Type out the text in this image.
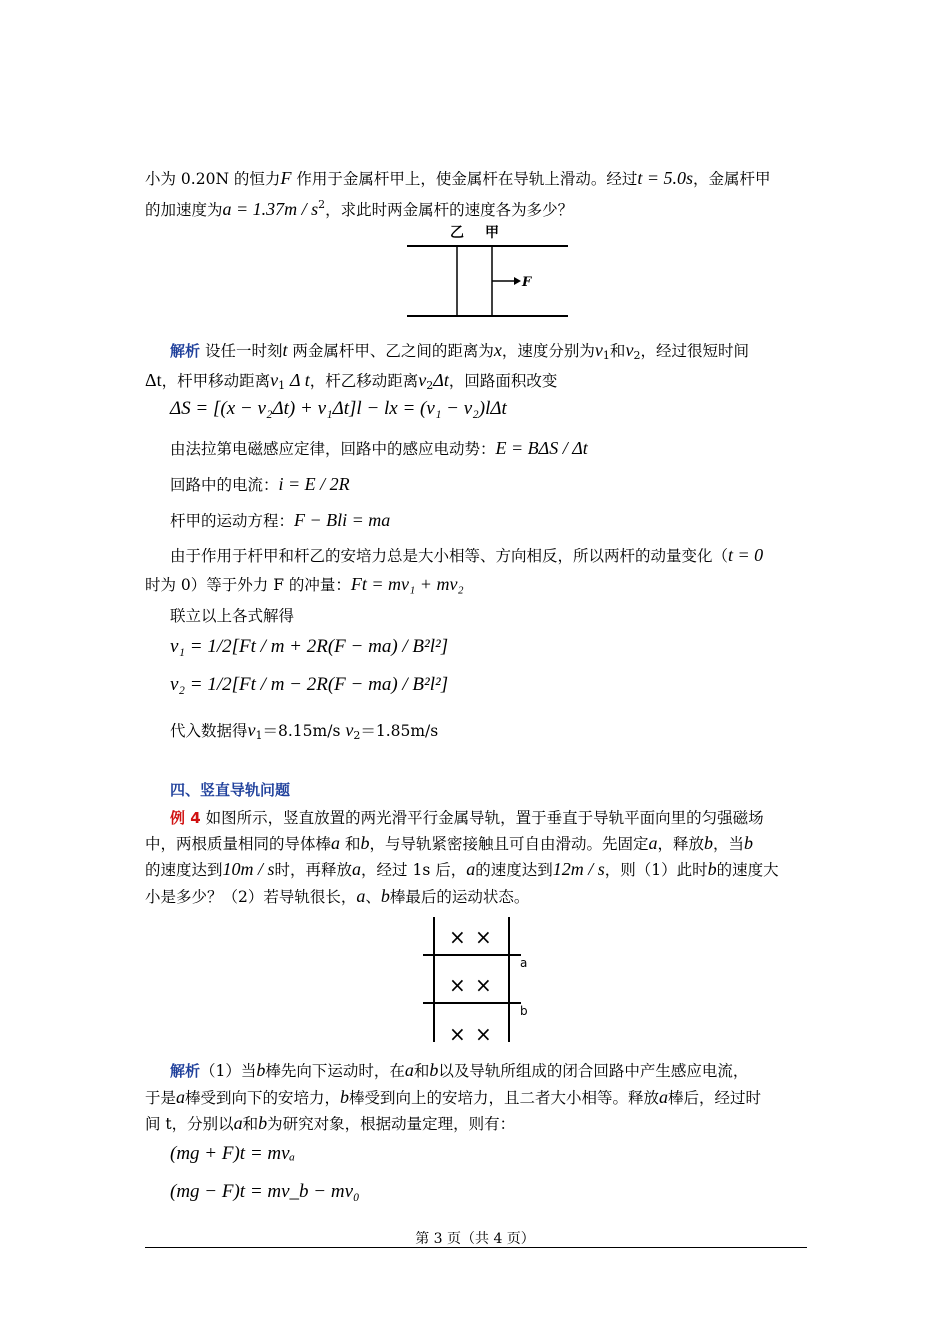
小为 0.20N 的恒力F 作用于金属杆甲上，使金属杆在导轨上滑动。经过t = 5.0s，金属杆甲
的加速度为$a = 1.37m / s^2$，求此时两金属杆的速度各为多少？
乙 甲
F
解析 设任一时刻t 两金属杆甲、乙之间的距离为x，速度分别为$v_1$和$v_2$，经过很短时间
Δt，杆甲移动距离$v_1$ Δ t，杆乙移动距离$v_2\Delta t$，回路面积改变
ΔS = [(x − v₂Δt) + v₁Δt]l − lx = (v₁ − v₂)lΔt
由法拉第电磁感应定律，回路中的感应电动势：E = BΔS / Δt
回路中的电流：i = E / 2R
杆甲的运动方程：F − Bli = ma
由于作用于杆甲和杆乙的安培力总是大小相等、方向相反，所以两杆的动量变化（t = 0
时为 0）等于外力 F 的冲量：Ft = mv₁ + mv₂
联立以上各式解得
v₁ = 1/2[Ft / m + 2R(F − ma) / B²l²]
v₂ = 1/2[Ft / m − 2R(F − ma) / B²l²]
代入数据得$v_1=8.15m/s$ $v_2=1.85m/s$
四、竖直导轨问题
例 4 如图所示，竖直放置的两光滑平行金属导轨，置于垂直于导轨平面向里的匀强磁场
中，两根质量相同的导体棒a 和b，与导轨紧密接触且可自由滑动。先固定a，释放b，当b
的速度达到10m / s时，再释放a，经过 1s 后，a的速度达到12m / s，则（1）此时b的速度大
小是多少？（2）若导轨很长，a、b棒最后的运动状态。
× ×
× ×
× ×
a
b
解析（1）当b棒先向下运动时，在a和b以及导轨所组成的闭合回路中产生感应电流，
于是a棒受到向下的安培力，b棒受到向上的安培力，且二者大小相等。释放a棒后，经过时
间 t，分别以a和b为研究对象，根据动量定理，则有：
(mg + F)t = mvₐ
(mg − F)t = mv_b − mv₀
第 3 页（共 4 页）
